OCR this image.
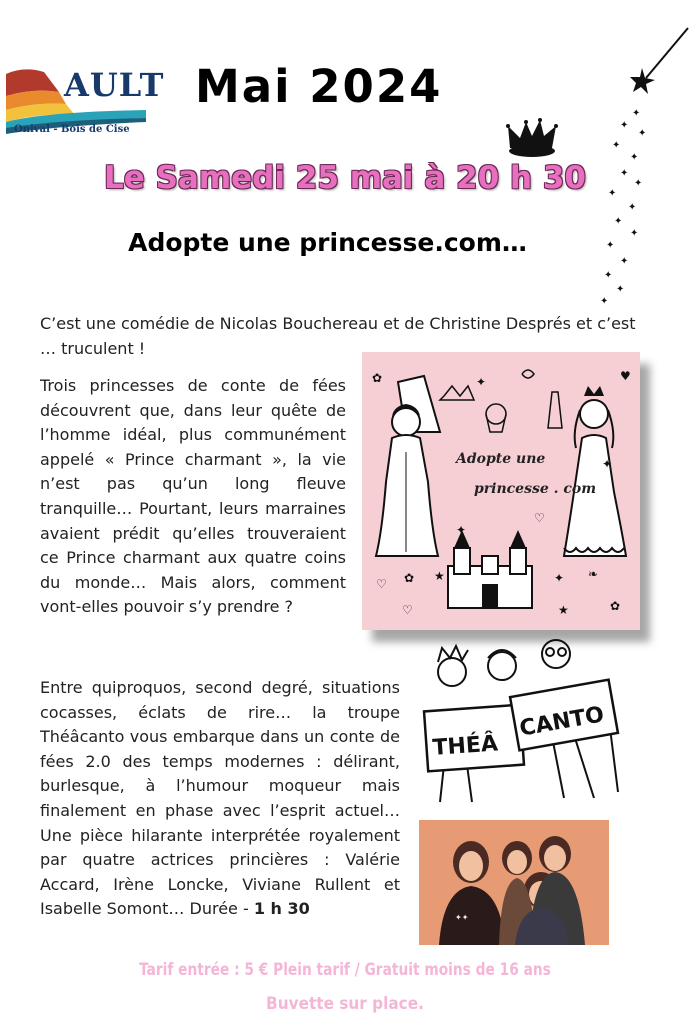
AULT
Onival - Bois de Cise
Mai 2024
✦
✦
✦
✦
✦
✦
✦
✦
✦
✦
✦
✦
✦
✦
✦
✦
Le Samedi 25 mai à 20 h 30
Adopte une princesse.com…
C’est une comédie de Nicolas Bouchereau et de Christine Després et c’est … truculent !
Trois princesses de conte de fées découvrent que, dans leur quête de l’homme idéal, plus communément appelé « Prince charmant », la vie n’est pas qu’un long fleuve tranquille… Pourtant, leurs marraines avaient prédit qu’elles trouveraient ce Prince charmant aux quatre coins du monde… Mais alors, comment vont-elles pouvoir s’y prendre ?
Entre quiproquos, second degré, situations cocasses, éclats de rire… la troupe Théâcanto vous embarque dans un conte de fées 2.0 des temps modernes : délirant, burlesque, à l’humour moqueur mais finalement en phase avec l’esprit actuel… Une pièce hilarante interprétée royalement par quatre actrices princières : Valérie Accard, Irène Loncke, Viviane Rullent et Isabelle Somont… Durée - 1 h 30
✿	✦	♥
✦
♡ ✿ ★	✦ ❧
✿
♡	★
✦
♡
Adopte une
princesse . com
THÉÂ
CANTO
✦✦
Tarif entrée : 5 € Plein tarif / Gratuit moins de 16 ans
Buvette sur place.
